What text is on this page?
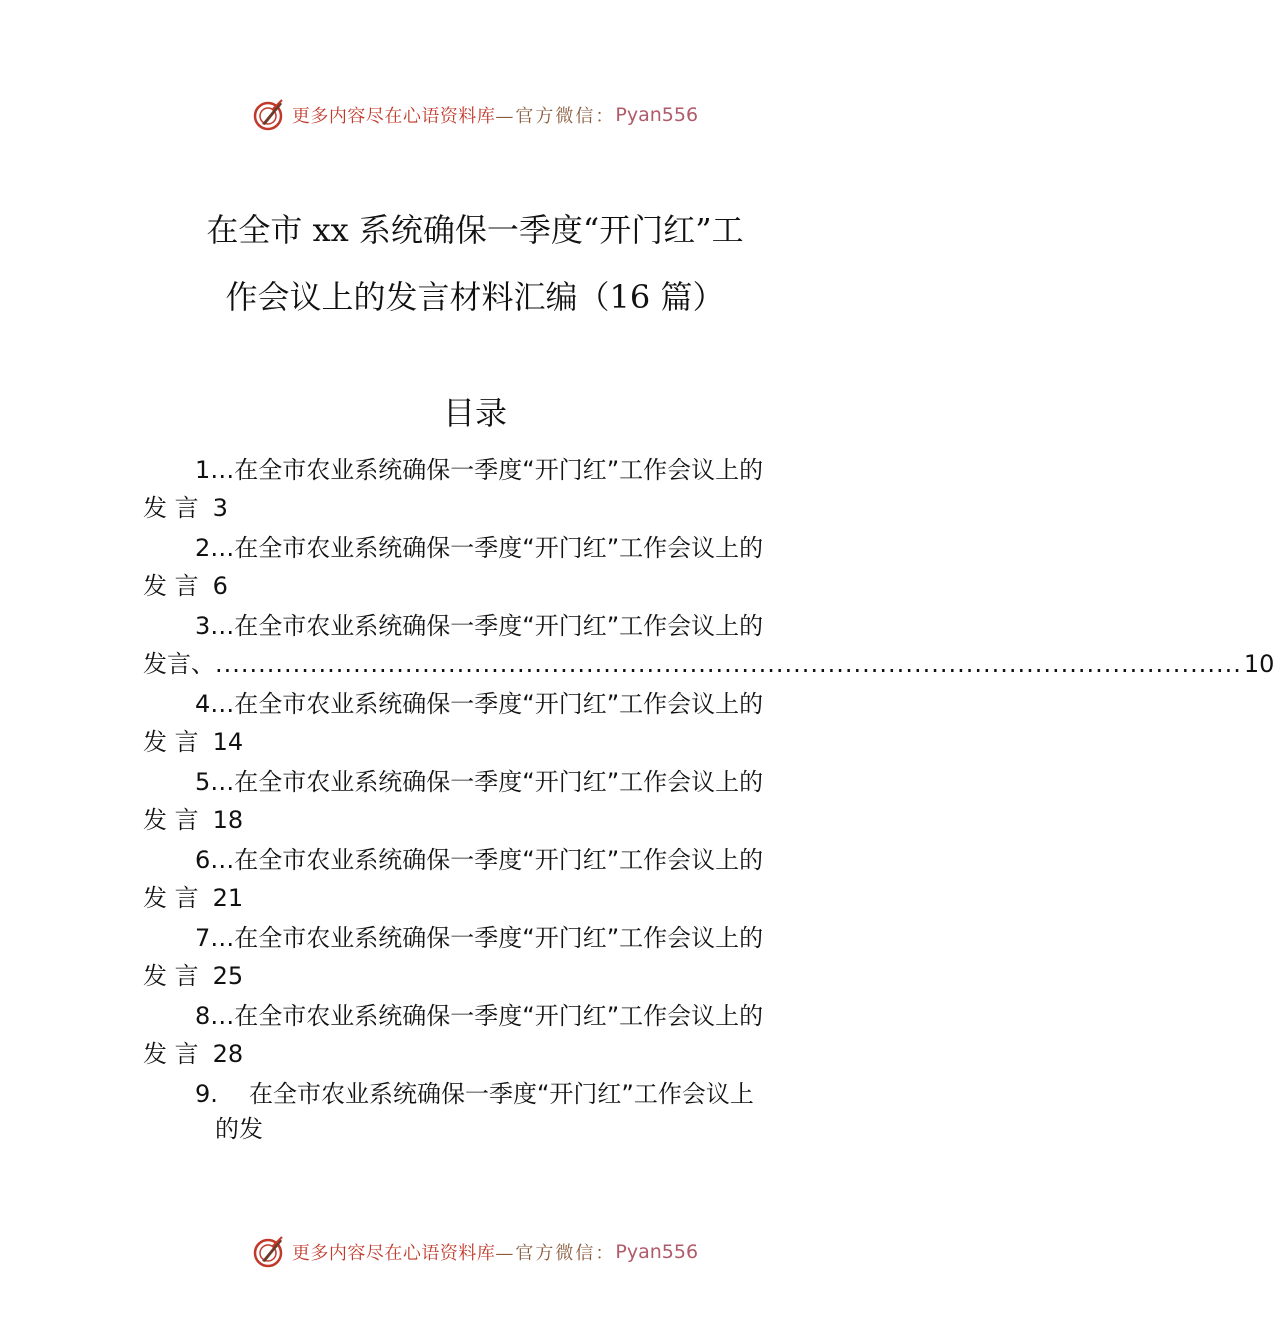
更多内容尽在心语资料库 —官方微信： Pyan556
在全市 xx 系统确保一季度“开门红”工
作会议上的发言材料汇编（16 篇）
目录
1…在全市农业系统确保一季度“开门红”工作会议上的
发 言 3
2…在全市农业系统确保一季度“开门红”工作会议上的
发 言 6
3…在全市农业系统确保一季度“开门红”工作会议上的
发言、 ....................................................................................................................... 10
4…在全市农业系统确保一季度“开门红”工作会议上的
发 言 14
5…在全市农业系统确保一季度“开门红”工作会议上的
发 言 18
6…在全市农业系统确保一季度“开门红”工作会议上的
发 言 21
7…在全市农业系统确保一季度“开门红”工作会议上的
发 言 25
8…在全市农业系统确保一季度“开门红”工作会议上的
发 言 28
9. 在全市农业系统确保一季度“开门红”工作会议上
的发
更多内容尽在心语资料库 —官方微信： Pyan556
